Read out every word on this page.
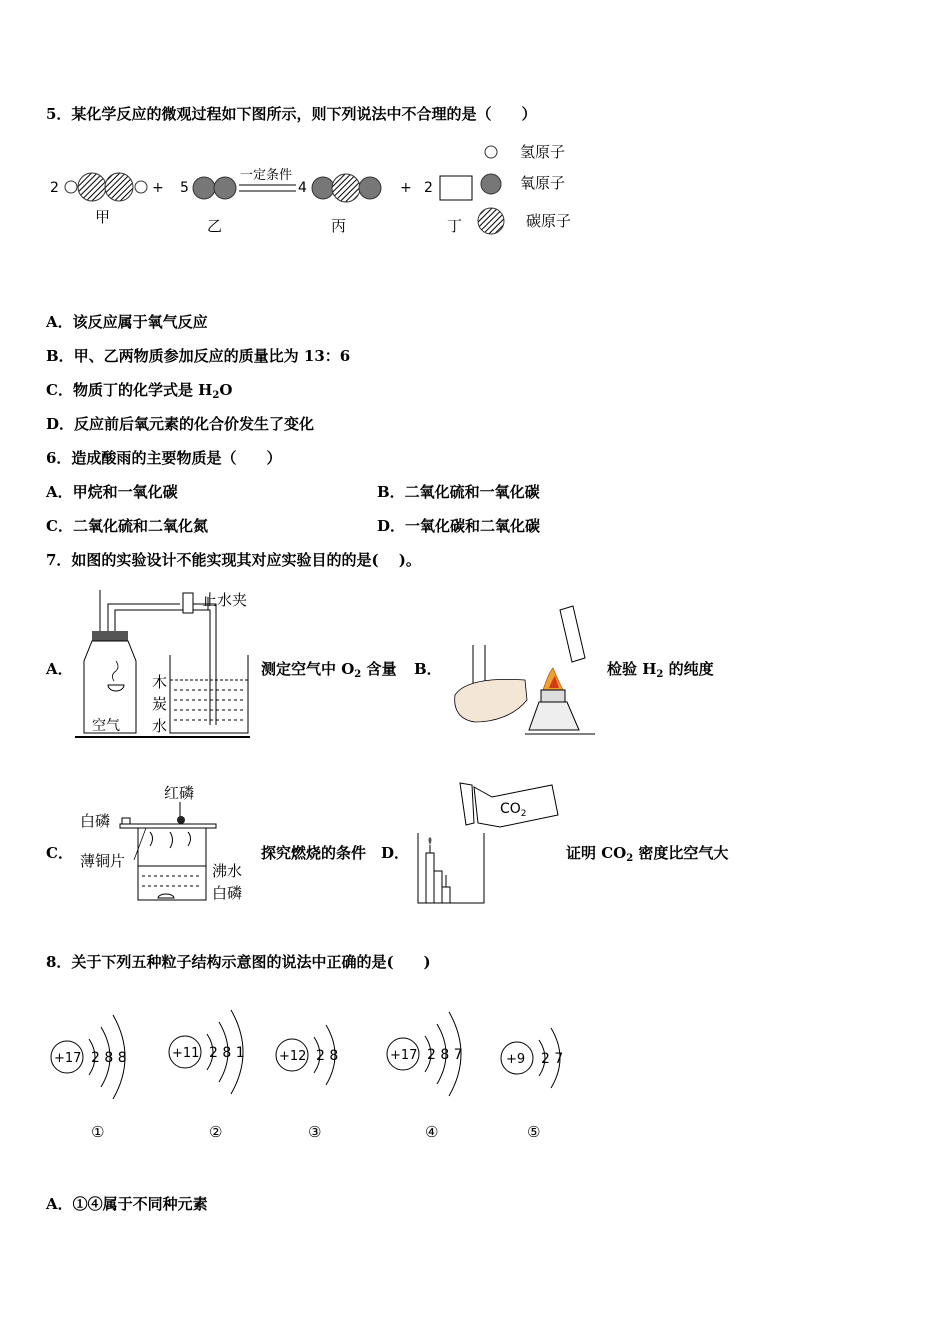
5．某化学反应的微观过程如下图所示，则下列说法中不合理的是（　　）
2	+
甲
5
乙
一定条件
4
丙
+ 2
丁
氢原子
氧原子
碳原子
A．该反应属于氧气反应
B．甲、乙两物质参加反应的质量比为 13：6
C．物质丁的化学式是 $H_2O$
D．反应前后氧元素的化合价发生了变化
6．造成酸雨的主要物质是（　　）
A．甲烷和一氧化碳	B．二氧化硫和一氧化碳
C．二氧化硫和二氧化氮	D．一氧化碳和二氧化碳
7．如图的实验设计不能实现其对应实验目的的是(　 )。
A．
空气
止水夹
木
炭
水
测定空气中 $O_2$ 含量 B．	检验 $H_2$ 的纯度
C．
红磷
白磷
薄铜片
沸水
白磷
探究燃烧的条件 D．
$CO_2$
证明 $CO_2$ 密度比空气大
8．关于下列五种粒子结构示意图的说法中正确的是(　　)
+17 2 8 8
①
+11 2 8 1
②
+12 2 8
③
+17 2 8 7
④
+9 2 7
⑤
A．①④属于不同种元素
